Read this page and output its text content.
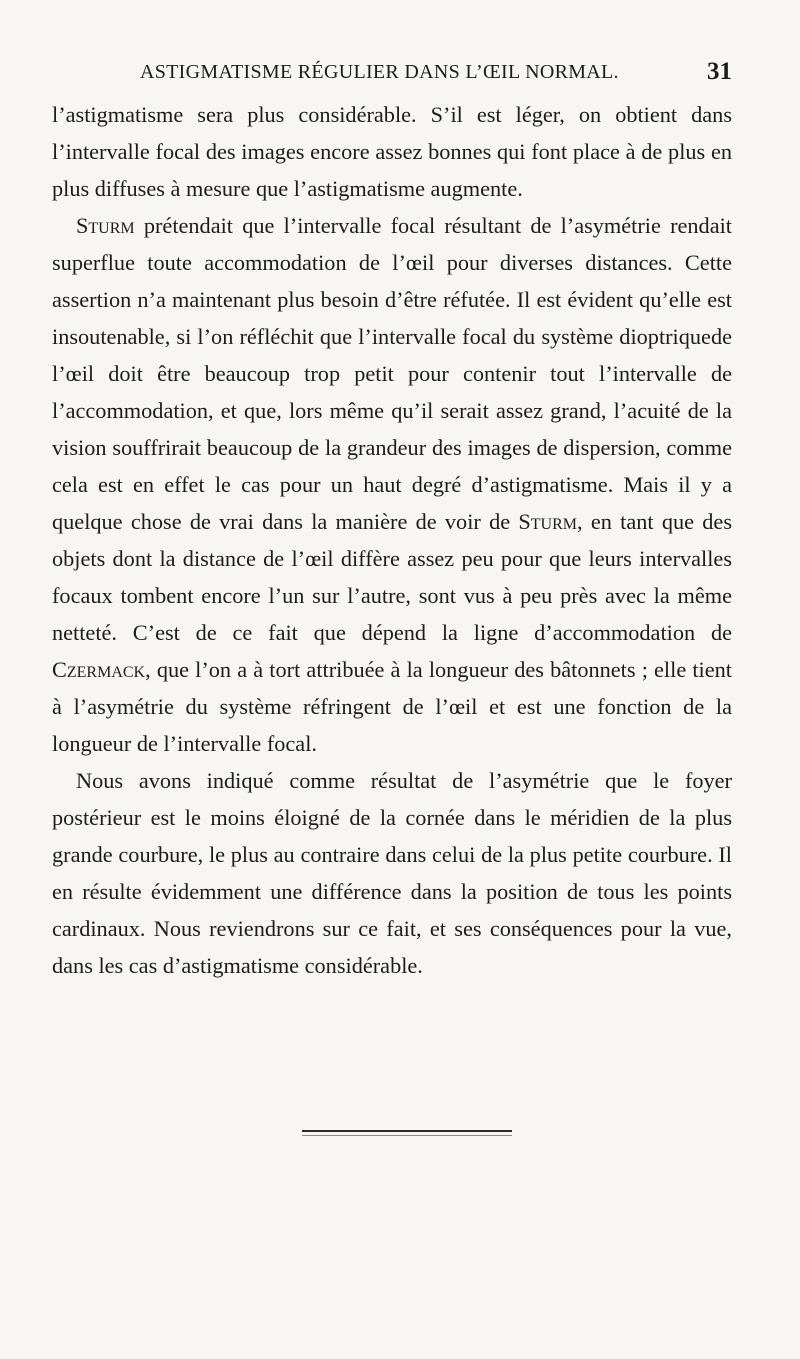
ASTIGMATISME RÉGULIER DANS L’ŒIL NORMAL.	31

l’astigmatisme sera plus considérable. S’il est léger, on obtient dans l’intervalle focal des images encore assez bonnes qui font place à de plus en plus diffuses à mesure que l’astigmatisme augmente.

Sturm prétendait que l’intervalle focal résultant de l’asymétrie rendait superflue toute accommodation de l’œil pour diverses distances. Cette assertion n’a maintenant plus besoin d’être réfutée. Il est évident qu’elle est insoutenable, si l’on réfléchit que l’intervalle focal du système dioptriquede l’œil doit être beaucoup trop petit pour contenir tout l’intervalle de l’accommodation, et que, lors même qu’il serait assez grand, l’acuité de la vision souffrirait beaucoup de la grandeur des images de dispersion, comme cela est en effet le cas pour un haut degré d’astigmatisme. Mais il y a quelque chose de vrai dans la manière de voir de Sturm, en tant que des objets dont la distance de l’œil diffère assez peu pour que leurs intervalles focaux tombent encore l’un sur l’autre, sont vus à peu près avec la même netteté. C’est de ce fait que dépend la ligne d’accommodation de Czermack, que l’on a à tort attribuée à la longueur des bâtonnets ; elle tient à l’asymétrie du système réfringent de l’œil et est une fonction de la longueur de l’intervalle focal.

Nous avons indiqué comme résultat de l’asymétrie que le foyer postérieur est le moins éloigné de la cornée dans le méridien de la plus grande courbure, le plus au contraire dans celui de la plus petite courbure. Il en résulte évidemment une différence dans la position de tous les points cardinaux. Nous reviendrons sur ce fait, et ses conséquences pour la vue, dans les cas d’astigmatisme considérable.
